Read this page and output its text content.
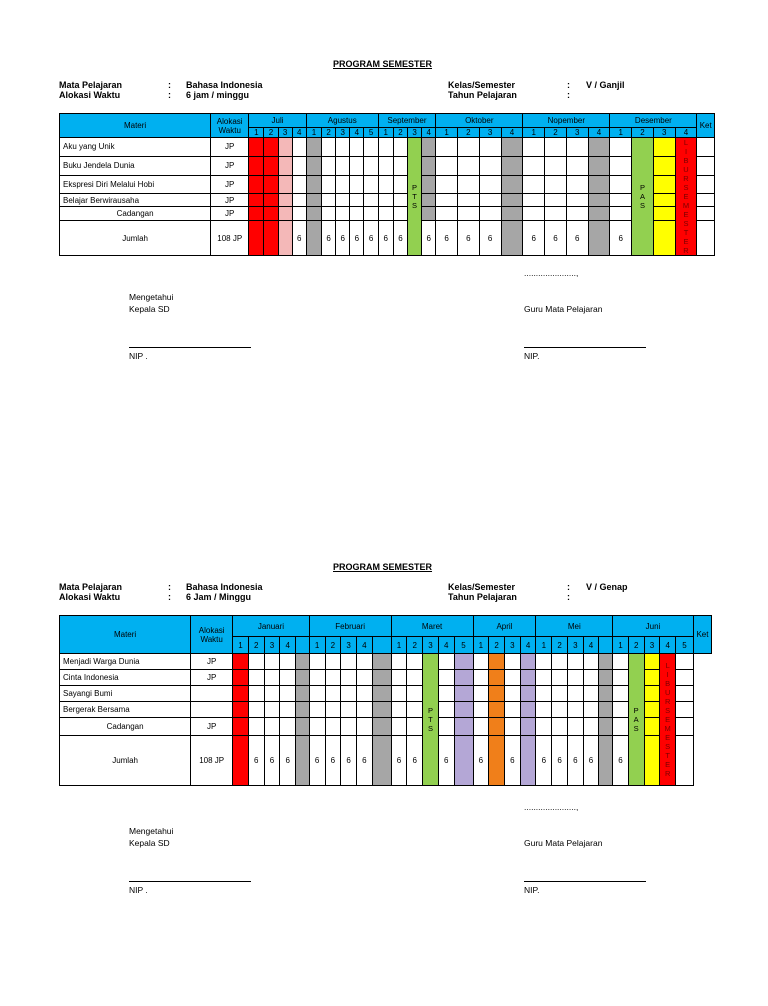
PROGRAM SEMESTER
Mata Pelajaran	: Bahasa Indonesia
Alokasi Waktu	: 6 jam / minggu
Kelas/Semester	: V / Ganjil
Tahun Pelajaran	:
Materi	Alokasi Waktu	Juli				Agustus					September				Oktober				Nopember				Desember				Ket
		1	2	3	4	1	2	3	4	5	1	2	3	4	1	2	3	4	1	2	3	4	1	2	3	4	
Aku yang Unik	JP												P T S											P A S		L I B U R S E M E S T E R	

Buku Jendela Dunia	JP																										
Ekspresi Diri Melalui Hobi	JP																										
Belajar Berwirausaha	JP																										
Cadangan	JP																										
Jumlah	108 JP				6		6	6	6	6	6	6		6	6	6	6		6	6	6		6				
......................,
Mengetahui
Kepala SD	Guru Mata Pelajaran
NIP .	NIP.
PROGRAM SEMESTER
Mata Pelajaran	: Bahasa Indonesia
Alokasi Waktu	: 6 Jam / Minggu
Kelas/Semester	: V / Genap
Tahun Pelajaran	:
Materi	Alokasi Waktu	Januari					Februari					Maret					April				Mei					Juni					Ket
		1	2	3	4		1	2	3	4		1	2	3	4	5	1	2	3	4	1	2	3	4		1	2	3	4	5	
Menjadi Warga Dunia	JP													P T S													P A S		L I B U R S E M E S T E R		

Cinta Indonesia	JP																													
Sayangi Bumi																														
Bergerak Bersama																														
Cadangan	JP																													
Jumlah	108 JP		6	6	6		6	6	6	6		6	6		6		6		6		6	6	6	6		6				
......................,
Mengetahui
Kepala SD	Guru Mata Pelajaran
NIP .	NIP.
